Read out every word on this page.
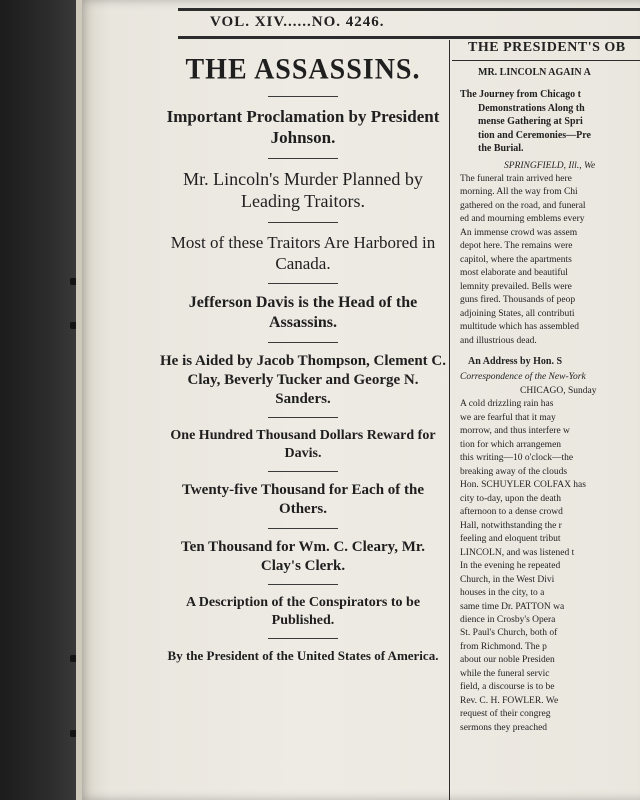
VOL. XIV......NO. 4246.
THE ASSASSINS.
Important Proclamation by President Johnson.
Mr. Lincoln's Murder Planned by Leading Traitors.
Most of these Traitors Are Harbored in Canada.
Jefferson Davis is the Head of the Assassins.
He is Aided by Jacob Thompson, Clement C. Clay, Beverly Tucker and George N. Sanders.
One Hundred Thousand Dollars Reward for Davis.
Twenty-five Thousand for Each of the Others.
Ten Thousand for Wm. C. Cleary, Mr. Clay's Clerk.
A Description of the Conspirators to be Published.
By the President of the United States of America.
THE PRESIDENT'S OB
MR. LINCOLN AGAIN A
The Journey from Chicago t
Demonstrations Along th
mense Gathering at Spri
tion and Ceremonies—Pre
the Burial.
SPRINGFIELD, Ill., We
The funeral train arrived here
morning. All the way from Chi
gathered on the road, and funeral
ed and mourning emblems every
An immense crowd was assem
depot here. The remains were
capitol, where the apartments
most elaborate and beautiful
lemnity prevailed. Bells were
guns fired. Thousands of peop
adjoining States, all contributi
multitude which has assembled
and illustrious dead.
An Address by Hon. S
Correspondence of the New-York
CHICAGO, Sunday
A cold drizzling rain has
we are fearful that it may
morrow, and thus interfere w
tion for which arrangemen
this writing—10 o'clock—the
breaking away of the clouds
Hon. SCHUYLER COLFAX has
city to-day, upon the death
afternoon to a dense crowd
Hall, notwithstanding the r
feeling and eloquent tribut
LINCOLN, and was listened t
In the evening he repeated
Church, in the West Divi
houses in the city, to a
same time Dr. PATTON wa
dience in Crosby's Opera
St. Paul's Church, both of
from Richmond. The p
about our noble Presiden
while the funeral servic
field, a discourse is to be
Rev. C. H. FOWLER. We
request of their congreg
sermons they preached
